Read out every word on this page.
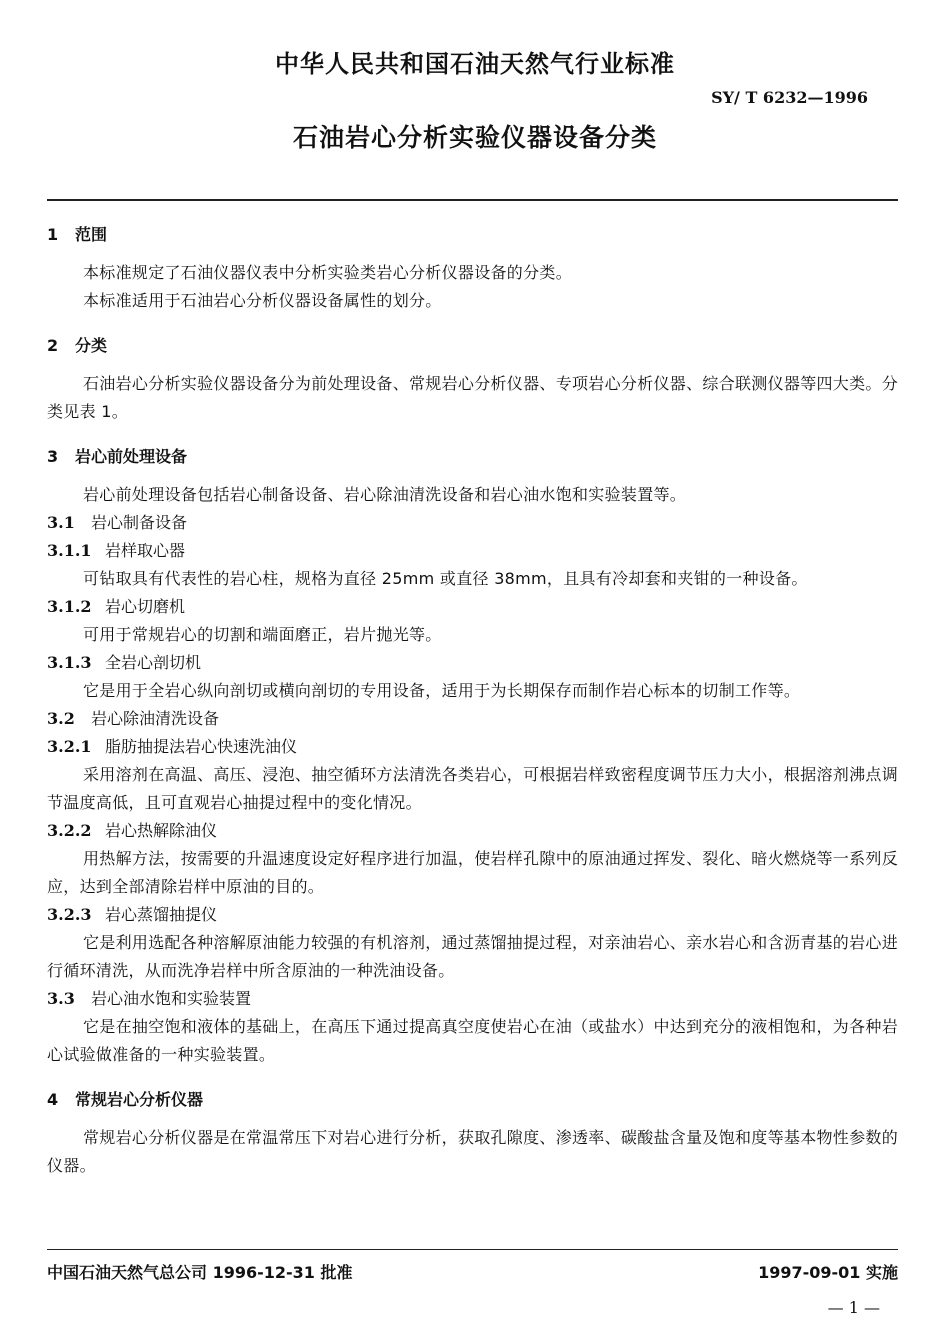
中华人民共和国石油天然气行业标准
SY/ T 6232—1996
石油岩心分析实验仪器设备分类

1 范围

本标准规定了石油仪器仪表中分析实验类岩心分析仪器设备的分类。

本标准适用于石油岩心分析仪器设备属性的划分。

2 分类

石油岩心分析实验仪器设备分为前处理设备、常规岩心分析仪器、专项岩心分析仪器、综合联测仪器等四大类。分类见表 1。

3 岩心前处理设备

岩心前处理设备包括岩心制备设备、岩心除油清洗设备和岩心油水饱和实验装置等。

3.1 岩心制备设备

3.1.1 岩样取心器

可钻取具有代表性的岩心柱，规格为直径 25mm 或直径 38mm，且具有冷却套和夹钳的一种设备。

3.1.2 岩心切磨机

可用于常规岩心的切割和端面磨正，岩片抛光等。

3.1.3 全岩心剖切机

它是用于全岩心纵向剖切或横向剖切的专用设备，适用于为长期保存而制作岩心标本的切制工作等。

3.2 岩心除油清洗设备

3.2.1 脂肪抽提法岩心快速洗油仪

采用溶剂在高温、高压、浸泡、抽空循环方法清洗各类岩心，可根据岩样致密程度调节压力大小，根据溶剂沸点调节温度高低，且可直观岩心抽提过程中的变化情况。

3.2.2 岩心热解除油仪

用热解方法，按需要的升温速度设定好程序进行加温，使岩样孔隙中的原油通过挥发、裂化、暗火燃烧等一系列反应，达到全部清除岩样中原油的目的。

3.2.3 岩心蒸馏抽提仪

它是利用选配各种溶解原油能力较强的有机溶剂，通过蒸馏抽提过程，对亲油岩心、亲水岩心和含沥青基的岩心进行循环清洗，从而洗净岩样中所含原油的一种洗油设备。

3.3 岩心油水饱和实验装置

它是在抽空饱和液体的基础上，在高压下通过提高真空度使岩心在油（或盐水）中达到充分的液相饱和，为各种岩心试验做准备的一种实验装置。

4 常规岩心分析仪器

常规岩心分析仪器是在常温常压下对岩心进行分析，获取孔隙度、渗透率、碳酸盐含量及饱和度等基本物性参数的仪器。

中国石油天然气总公司 1996-12-31 批准	1997-09-01 实施
— 1 —
